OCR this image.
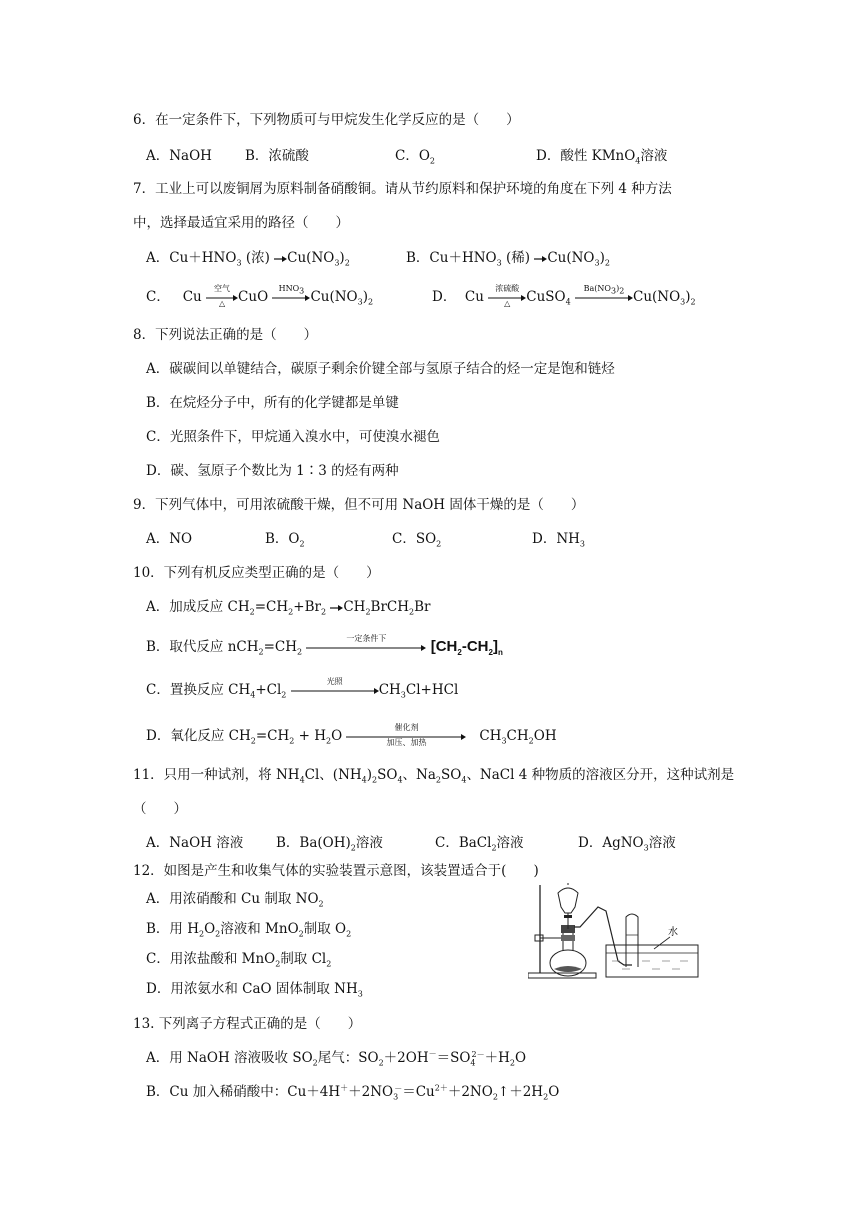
6．在一定条件下，下列物质可与甲烷发生化学反应的是（　　）
A．NaOH B．浓硫酸	C．$O_2$	D．酸性 KMnO$_4$溶液
7．工业上可以废铜屑为原料制备硝酸铜。请从节约原料和保护环境的角度在下列 4 种方法
中，选择最适宜采用的路径（　　）
A．$Cu+HNO_3$ (浓) $\to Cu(NO_3)_2$	B．$Cu+HNO_3$ (稀) $\to Cu(NO_3)_2$
C． Cu
空气
△ CuO
$HNO_3$ $Cu(NO_3)_2$	D． Cu
浓硫酸
△	CuSO$_4$
$Ba(NO_3)_2$ $Cu(NO_3)_2$
8．下列说法正确的是（　　）
A．碳碳间以单键结合，碳原子剩余价键全部与氢原子结合的烃一定是饱和链烃
B．在烷烃分子中，所有的化学键都是单键
C．光照条件下，甲烷通入溴水中，可使溴水褪色
D．碳、氢原子个数比为 1∶3 的烃有两种
9．下列气体中，可用浓硫酸干燥，但不可用 NaOH 固体干燥的是（　　）
A．NO	B．$O_2$	C．$SO_2$	D．$NH_3$
10．下列有机反应类型正确的是（　　）
A．加成反应 $CH_2=CH_2+Br_2$ $\to CH_2BrCH_2Br$
B．取代反应 $nCH_2=CH_2$
一定条件下	$[CH_2-CH_2]_n$
C．置换反应 $CH_4+Cl_2$
光照
$CH_3Cl+HCl$
D．氧化反应 $CH_2=CH_2 + H_2O$
催化剂
加压、加热	$CH_3CH_2OH$
11．只用一种试剂，将 $NH_4Cl$、$(NH_4)_2SO_4$、$Na_2SO_4$、NaCl 4 种物质的溶液区分开，这种试剂是
（　　）
A．NaOH 溶液 B．$Ba(OH)_2$溶液	C．BaCl$_2$溶液	D．AgNO$_3$溶液
12．如图是产生和收集气体的实验装置示意图，该装置适合于(　　)
A．用浓硝酸和 Cu 制取 $NO_2$
B．用 $H_2O_2$溶液和 MnO$_2$制取 $O_2$
C．用浓盐酸和 MnO$_2$制取 $Cl_2$
D．用浓氨水和 CaO 固体制取 $NH_3$
水
13. 下列离子方程式正确的是（　　）
A．用 NaOH 溶液吸收 $SO_2$尾气：$SO_2+2OH^-=SO_4^{2-}+H_2O$
B．Cu 加入稀硝酸中：$Cu+4H^++2NO_3^-=Cu^{2+}+2NO_2↑+2H_2O$
